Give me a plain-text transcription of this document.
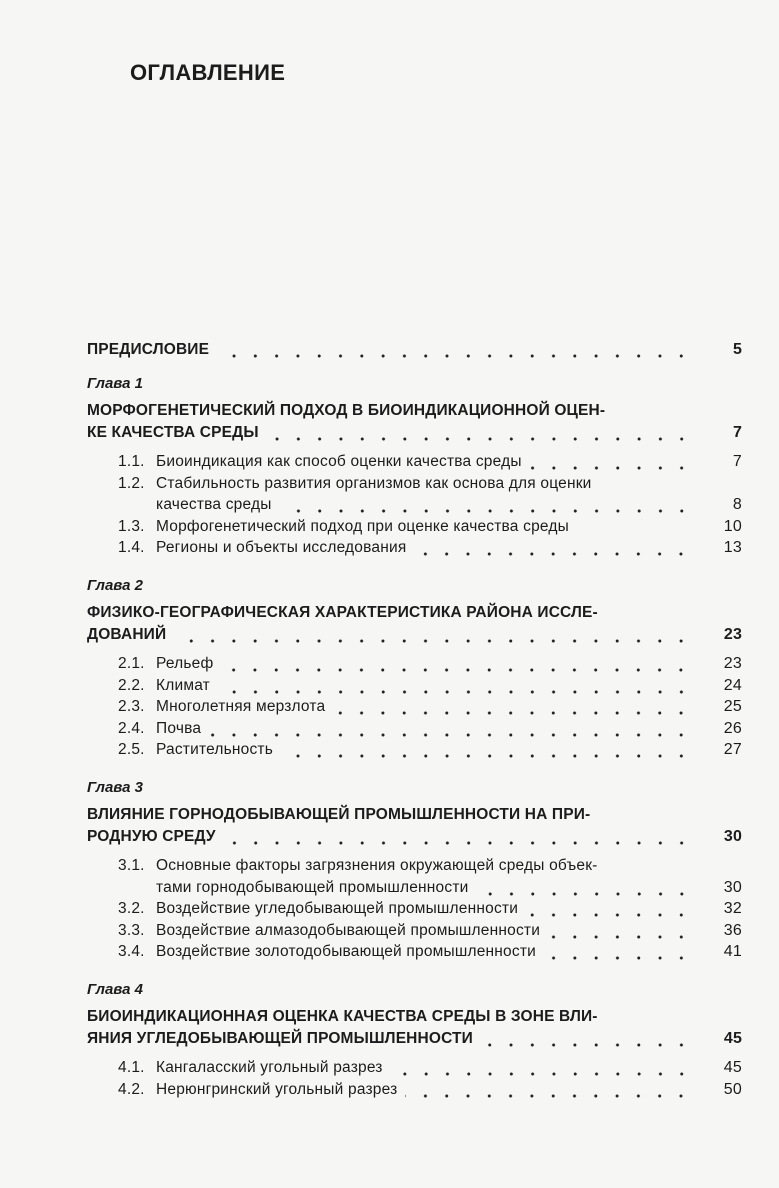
ОГЛАВЛЕНИЕ
ПРЕДИСЛОВИЕ	5
Глава 1
МОРФОГЕНЕТИЧЕСКИЙ ПОДХОД В БИОИНДИКАЦИОННОЙ ОЦЕН-
КЕ КАЧЕСТВА СРЕДЫ	7
1.1. Биоиндикация как способ оценки качества среды	7
1.2. Стабильность развития организмов как основа для оценки
качества среды	8
1.3. Морфогенетический подход при оценке качества среды	10
1.4. Регионы и объекты исследования	13
Глава 2
ФИЗИКО-ГЕОГРАФИЧЕСКАЯ ХАРАКТЕРИСТИКА РАЙОНА ИССЛЕ-
ДОВАНИЙ	23
2.1. Рельеф	23
2.2. Климат	24
2.3. Многолетняя мерзлота	25
2.4. Почва	26
2.5. Растительность	27
Глава 3
ВЛИЯНИЕ ГОРНОДОБЫВАЮЩЕЙ ПРОМЫШЛЕННОСТИ НА ПРИ-
РОДНУЮ СРЕДУ	30
3.1. Основные факторы загрязнения окружающей среды объек-
тами горнодобывающей промышленности	30
3.2. Воздействие угледобывающей промышленности	32
3.3. Воздействие алмазодобывающей промышленности	36
3.4. Воздействие золотодобывающей промышленности	41
Глава 4
БИОИНДИКАЦИОННАЯ ОЦЕНКА КАЧЕСТВА СРЕДЫ В ЗОНЕ ВЛИ-
ЯНИЯ УГЛЕДОБЫВАЮЩЕЙ ПРОМЫШЛЕННОСТИ	45
4.1. Кангаласский угольный разрез	45
4.2. Нерюнгринский угольный разрез	50
